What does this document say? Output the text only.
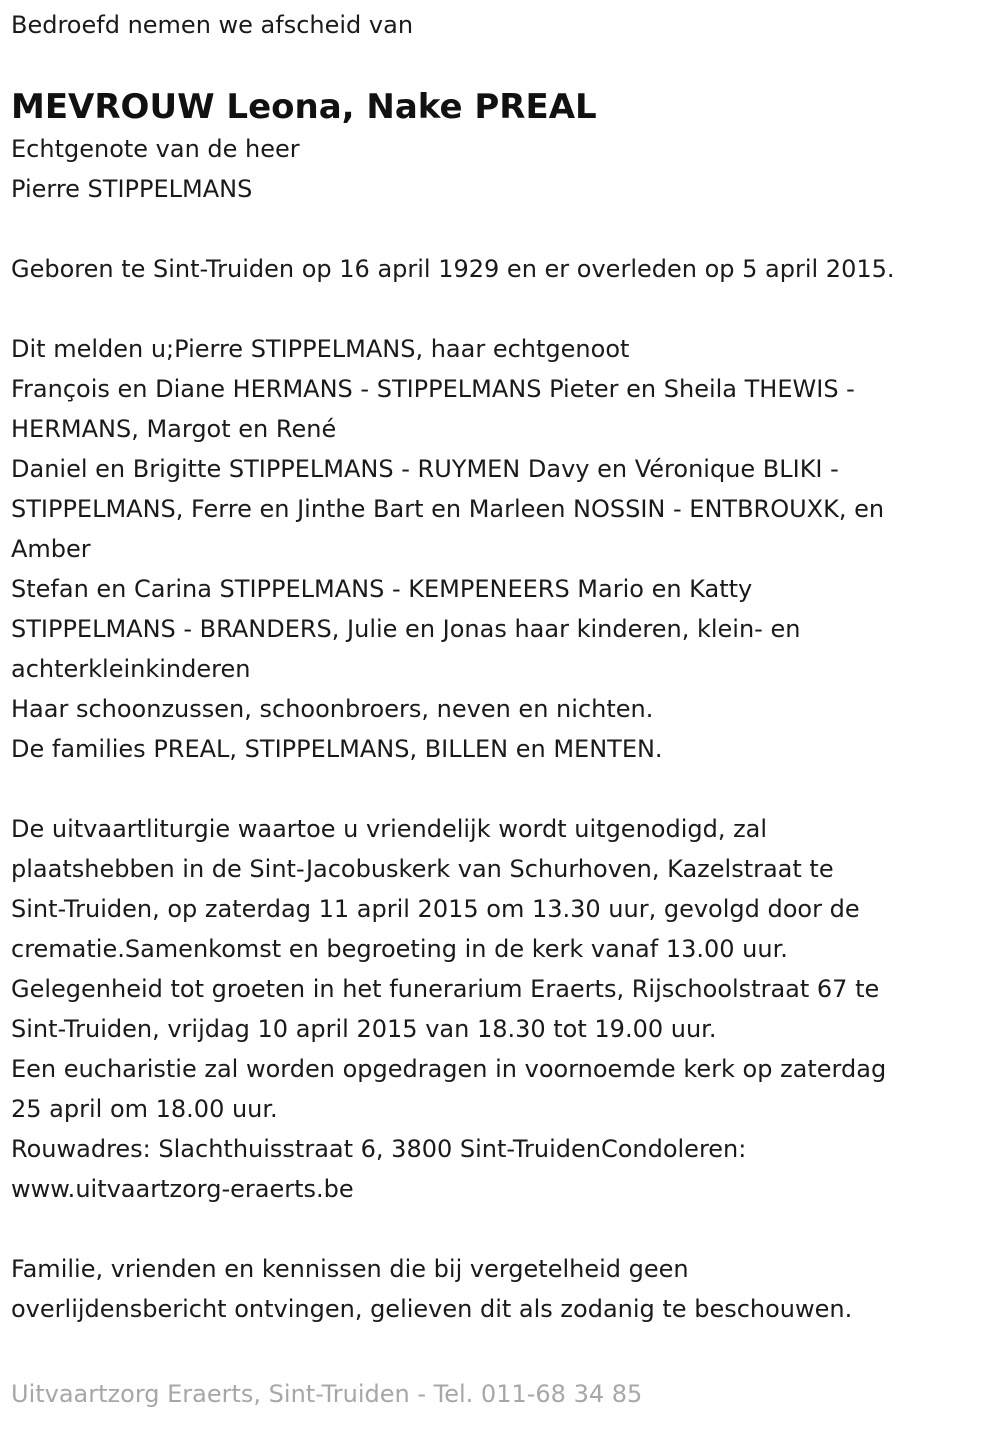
Bedroefd nemen we afscheid van

MEVROUW Leona, Nake PREAL

Echtgenote van de heer

Pierre STIPPELMANS

Geboren te Sint-Truiden op 16 april 1929 en er overleden op 5 april 2015.

Dit melden u;Pierre STIPPELMANS, haar echtgenoot

François en Diane HERMANS - STIPPELMANS Pieter en Sheila THEWIS -

HERMANS, Margot en René

Daniel en Brigitte STIPPELMANS - RUYMEN Davy en Véronique BLIKI -

STIPPELMANS, Ferre en Jinthe Bart en Marleen NOSSIN - ENTBROUXK, en

Amber

Stefan en Carina STIPPELMANS - KEMPENEERS Mario en Katty

STIPPELMANS - BRANDERS, Julie en Jonas haar kinderen, klein- en

achterkleinkinderen

Haar schoonzussen, schoonbroers, neven en nichten.

De families PREAL, STIPPELMANS, BILLEN en MENTEN.

De uitvaartliturgie waartoe u vriendelijk wordt uitgenodigd, zal

plaatshebben in de Sint-Jacobuskerk van Schurhoven, Kazelstraat te

Sint-Truiden, op zaterdag 11 april 2015 om 13.30 uur, gevolgd door de

crematie.Samenkomst en begroeting in de kerk vanaf 13.00 uur.

Gelegenheid tot groeten in het funerarium Eraerts, Rijschoolstraat 67 te

Sint-Truiden, vrijdag 10 april 2015 van 18.30 tot 19.00 uur.

Een eucharistie zal worden opgedragen in voornoemde kerk op zaterdag

25 april om 18.00 uur.

Rouwadres: Slachthuisstraat 6, 3800 Sint-TruidenCondoleren:

www.uitvaartzorg-eraerts.be

Familie, vrienden en kennissen die bij vergetelheid geen

overlijdensbericht ontvingen, gelieven dit als zodanig te beschouwen.

Uitvaartzorg Eraerts, Sint-Truiden - Tel. 011-68 34 85
